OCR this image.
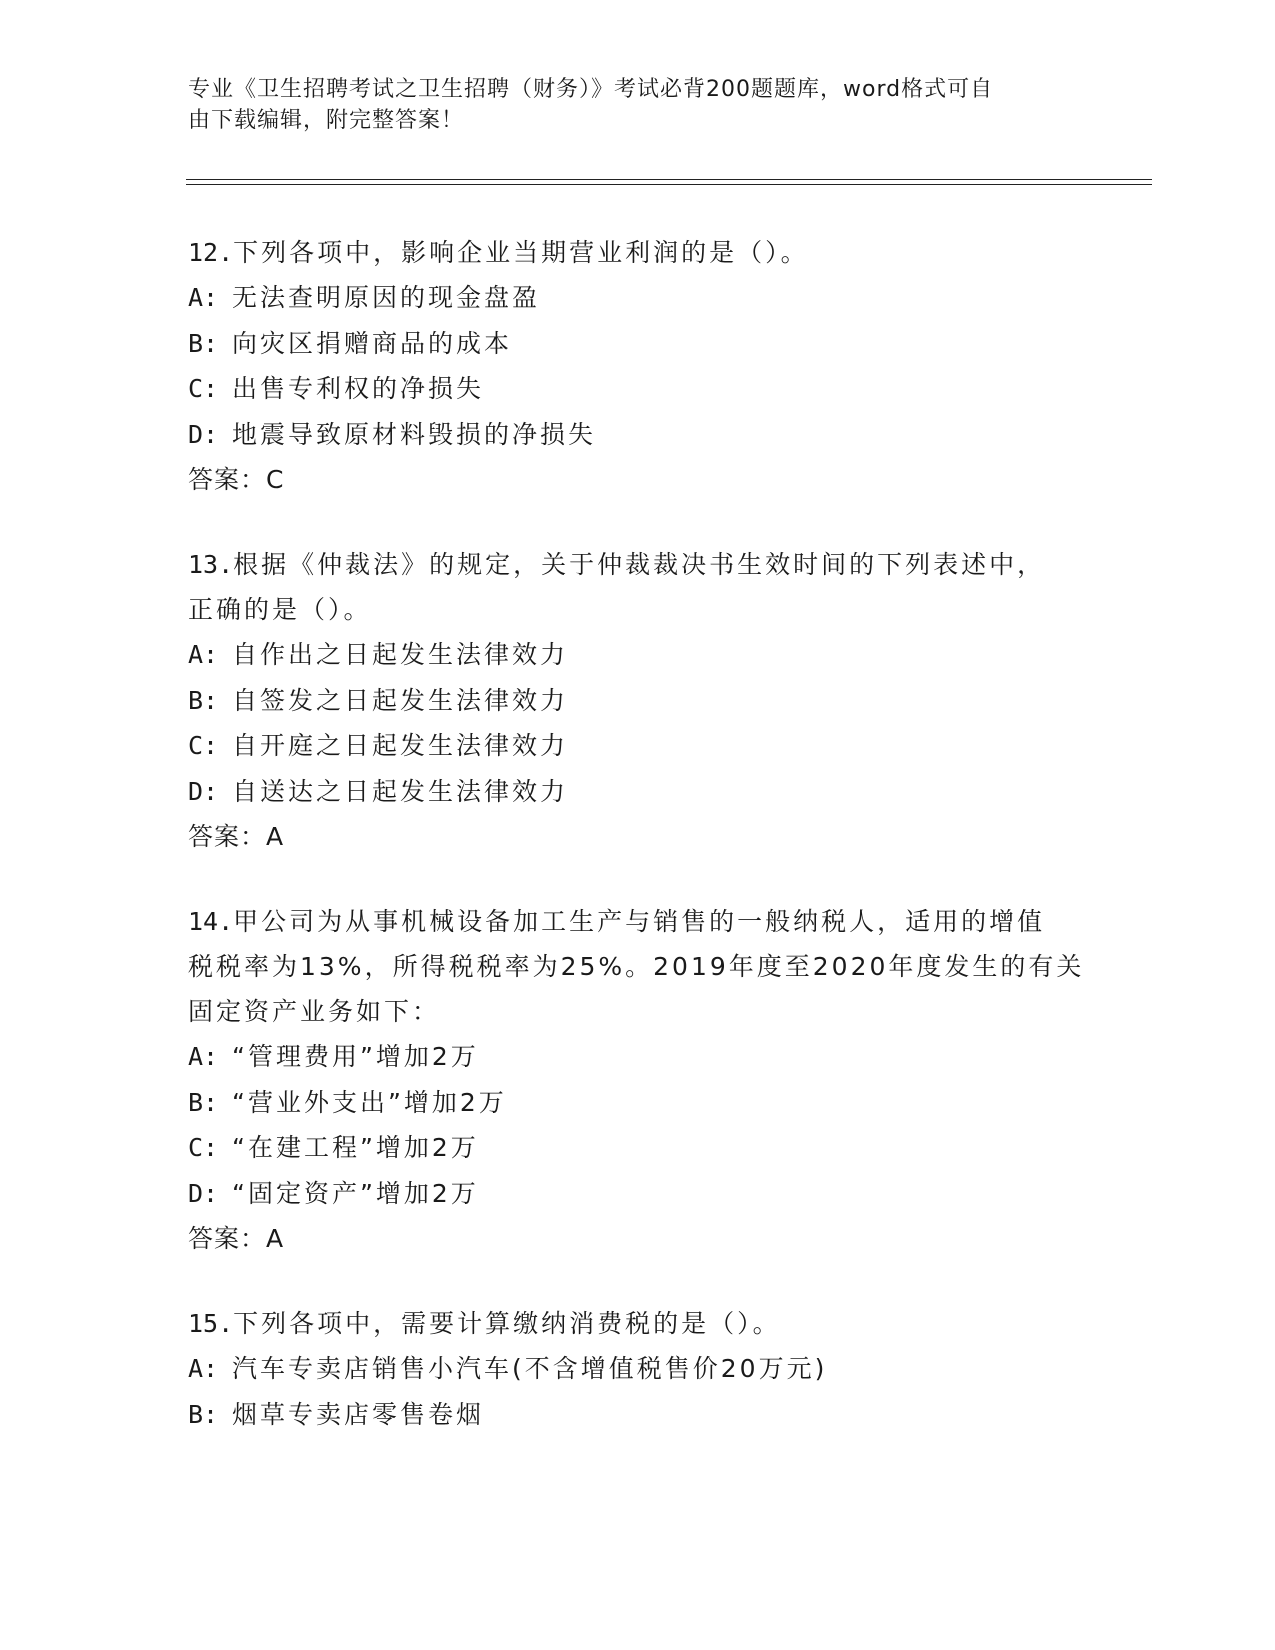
专业《卫生招聘考试之卫生招聘（财务）》考试必背200题题库，word格式可自
由下载编辑，附完整答案！
12.下列各项中，影响企业当期营业利润的是（）。
A: 无法查明原因的现金盘盈
B: 向灾区捐赠商品的成本
C: 出售专利权的净损失
D: 地震导致原材料毁损的净损失
答案：C
13.根据《仲裁法》的规定，关于仲裁裁决书生效时间的下列表述中，
正确的是（）。
A: 自作出之日起发生法律效力
B: 自签发之日起发生法律效力
C: 自开庭之日起发生法律效力
D: 自送达之日起发生法律效力
答案：A
14.甲公司为从事机械设备加工生产与销售的一般纳税人，适用的增值
税税率为13%，所得税税率为25%。2019年度至2020年度发生的有关
固定资产业务如下：
A: “管理费用”增加2万
B: “营业外支出”增加2万
C: “在建工程”增加2万
D: “固定资产”增加2万
答案：A
15.下列各项中，需要计算缴纳消费税的是（）。
A: 汽车专卖店销售小汽车(不含增值税售价20万元)
B: 烟草专卖店零售卷烟
